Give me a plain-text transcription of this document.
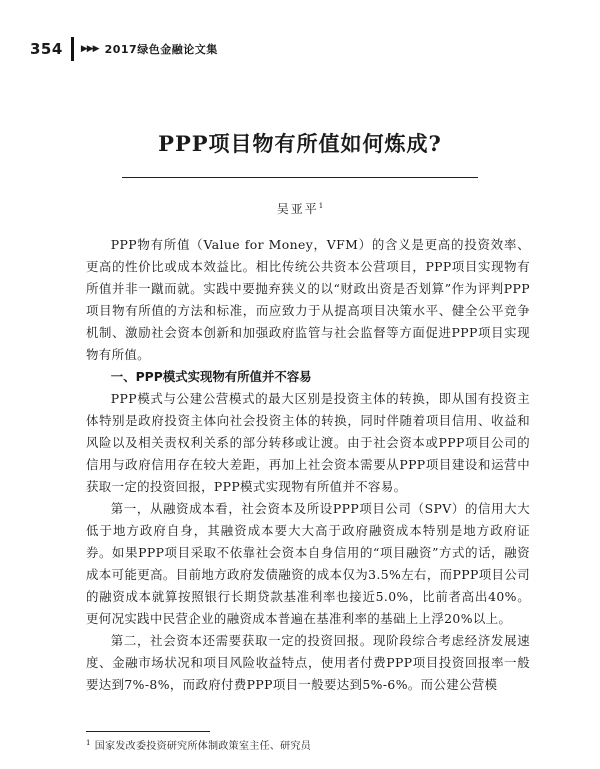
354 ▶▶▶ 2017绿色金融论文集
PPP项目物有所值如何炼成?
吴亚平$^1$

PPP物有所值（Value for Money，VFM）的含义是更高的投资效率、更高的性价比或成本效益比。相比传统公共资本公营项目，PPP项目实现物有所值并非一蹴而就。实践中要抛弃狭义的以“财政出资是否划算”作为评判PPP项目物有所值的方法和标准，而应致力于从提高项目决策水平、健全公平竞争机制、激励社会资本创新和加强政府监管与社会监督等方面促进PPP项目实现物有所值。

一、PPP模式实现物有所值并不容易

PPP模式与公建公营模式的最大区别是投资主体的转换，即从国有投资主体特别是政府投资主体向社会投资主体的转换，同时伴随着项目信用、收益和风险以及相关责权利关系的部分转移或让渡。由于社会资本或PPP项目公司的信用与政府信用存在较大差距，再加上社会资本需要从PPP项目建设和运营中获取一定的投资回报，PPP模式实现物有所值并不容易。

第一，从融资成本看，社会资本及所设PPP项目公司（SPV）的信用大大低于地方政府自身，其融资成本要大大高于政府融资成本特别是地方政府证券。如果PPP项目采取不依靠社会资本自身信用的“项目融资”方式的话，融资成本可能更高。目前地方政府发债融资的成本仅为3.5%左右，而PPP项目公司的融资成本就算按照银行长期贷款基准利率也接近5.0%，比前者高出40%。更何况实践中民营企业的融资成本普遍在基准利率的基础上上浮20%以上。

第二，社会资本还需要获取一定的投资回报。现阶段综合考虑经济发展速度、金融市场状况和项目风险收益特点，使用者付费PPP项目投资回报率一般要达到7%-8%，而政府付费PPP项目一般要达到5%-6%。而公建公营模

$^1$ 国家发改委投资研究所体制政策室主任、研究员
